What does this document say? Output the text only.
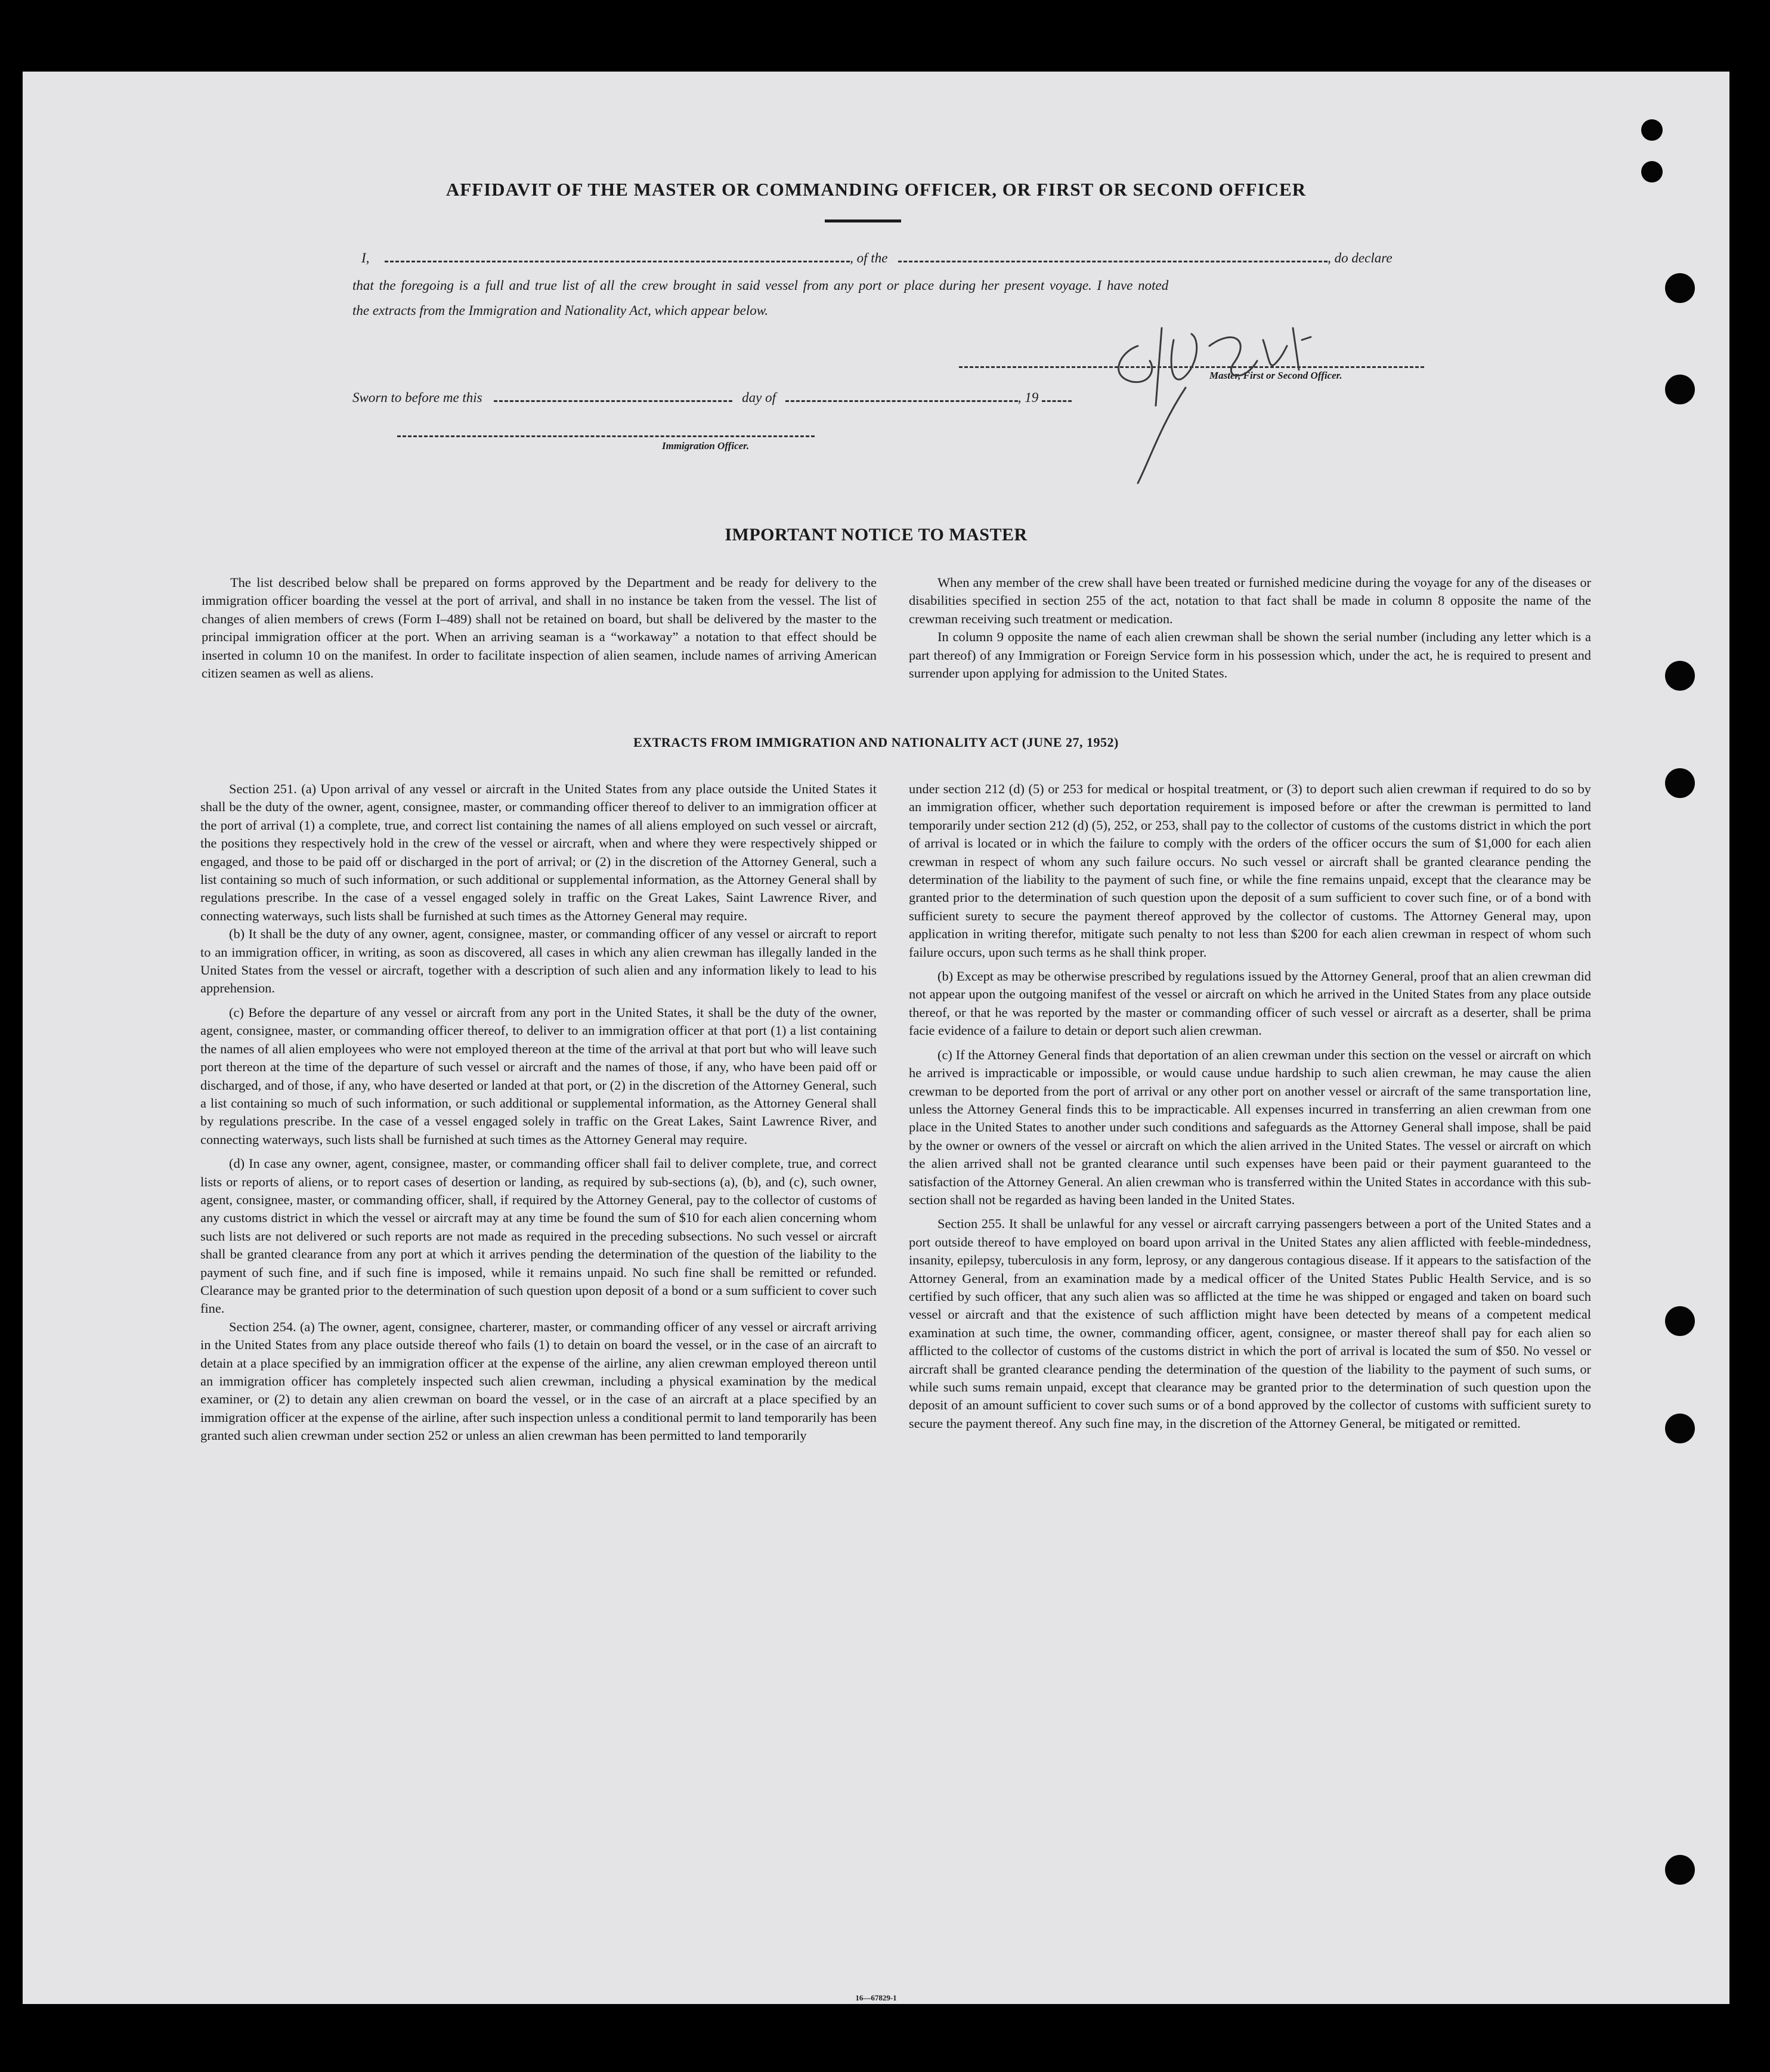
AFFIDAVIT OF THE MASTER OR COMMANDING OFFICER, OR FIRST OR SECOND OFFICER
I,	, of the	, do declare
that the foregoing is a full and true list of all the crew brought in said vessel from any port or place during her present voyage. I have noted
the extracts from the Immigration and Nationality Act, which appear below.
Master, First or Second Officer.
Sworn to before me this	day of	, 19
Immigration Officer.
IMPORTANT NOTICE TO MASTER

The list described below shall be prepared on forms approved by the Department and be ready for delivery to the immigration officer boarding the vessel at the port of arrival, and shall in no instance be taken from the vessel. The list of changes of alien members of crews (Form I–489) shall not be retained on board, but shall be delivered by the master to the principal immigration officer at the port. When an arriving seaman is a “workaway” a notation to that effect should be inserted in column 10 on the manifest. In order to facilitate inspection of alien seamen, include names of arriving American citizen seamen as well as aliens.

When any member of the crew shall have been treated or furnished medicine during the voyage for any of the diseases or disabilities specified in section 255 of the act, notation to that fact shall be made in column 8 opposite the name of the crewman receiving such treatment or medication.

In column 9 opposite the name of each alien crewman shall be shown the serial number (including any letter which is a part thereof) of any Immigration or Foreign Service form in his possession which, under the act, he is required to present and surrender upon applying for admission to the United States.

EXTRACTS FROM IMMIGRATION AND NATIONALITY ACT (JUNE 27, 1952)

Section 251. (a) Upon arrival of any vessel or aircraft in the United States from any place outside the United States it shall be the duty of the owner, agent, consignee, master, or commanding officer thereof to deliver to an immigration officer at the port of arrival (1) a complete, true, and correct list containing the names of all aliens employed on such vessel or aircraft, the positions they respectively hold in the crew of the vessel or aircraft, when and where they were respectively shipped or engaged, and those to be paid off or discharged in the port of arrival; or (2) in the discretion of the Attorney General, such a list containing so much of such information, or such additional or supplemental information, as the Attorney General shall by regulations prescribe. In the case of a vessel engaged solely in traffic on the Great Lakes, Saint Lawrence River, and connecting waterways, such lists shall be furnished at such times as the Attorney General may require.

(b) It shall be the duty of any owner, agent, consignee, master, or commanding officer of any vessel or aircraft to report to an immigration officer, in writing, as soon as discovered, all cases in which any alien crewman has illegally landed in the United States from the vessel or aircraft, together with a description of such alien and any information likely to lead to his apprehension.

(c) Before the departure of any vessel or aircraft from any port in the United States, it shall be the duty of the owner, agent, consignee, master, or commanding officer thereof, to deliver to an immigration officer at that port (1) a list containing the names of all alien employees who were not employed thereon at the time of the arrival at that port but who will leave such port thereon at the time of the departure of such vessel or aircraft and the names of those, if any, who have been paid off or discharged, and of those, if any, who have deserted or landed at that port, or (2) in the discretion of the Attorney General, such a list containing so much of such information, or such additional or supplemental information, as the Attorney General shall by regulations prescribe. In the case of a vessel engaged solely in traffic on the Great Lakes, Saint Lawrence River, and connecting waterways, such lists shall be furnished at such times as the Attorney General may require.

(d) In case any owner, agent, consignee, master, or commanding officer shall fail to deliver complete, true, and correct lists or reports of aliens, or to report cases of desertion or landing, as required by sub-sections (a), (b), and (c), such owner, agent, consignee, master, or commanding officer, shall, if required by the Attorney General, pay to the collector of customs of any customs district in which the vessel or aircraft may at any time be found the sum of $10 for each alien concerning whom such lists are not delivered or such reports are not made as required in the preceding subsections. No such vessel or aircraft shall be granted clearance from any port at which it arrives pending the determination of the question of the liability to the payment of such fine, and if such fine is imposed, while it remains unpaid. No such fine shall be remitted or refunded. Clearance may be granted prior to the determination of such question upon deposit of a bond or a sum sufficient to cover such fine.

Section 254. (a) The owner, agent, consignee, charterer, master, or commanding officer of any vessel or aircraft arriving in the United States from any place outside thereof who fails (1) to detain on board the vessel, or in the case of an aircraft to detain at a place specified by an immigration officer at the expense of the airline, any alien crewman employed thereon until an immigration officer has completely inspected such alien crewman, including a physical examination by the medical examiner, or (2) to detain any alien crewman on board the vessel, or in the case of an aircraft at a place specified by an immigration officer at the expense of the airline, after such inspection unless a conditional permit to land temporarily has been granted such alien crewman under section 252 or unless an alien crewman has been permitted to land temporarily

under section 212 (d) (5) or 253 for medical or hospital treatment, or (3) to deport such alien crewman if required to do so by an immigration officer, whether such deportation requirement is imposed before or after the crewman is permitted to land temporarily under section 212 (d) (5), 252, or 253, shall pay to the collector of customs of the customs district in which the port of arrival is located or in which the failure to comply with the orders of the officer occurs the sum of $1,000 for each alien crewman in respect of whom any such failure occurs. No such vessel or aircraft shall be granted clearance pending the determination of the liability to the payment of such fine, or while the fine remains unpaid, except that the clearance may be granted prior to the determination of such question upon the deposit of a sum sufficient to cover such fine, or of a bond with sufficient surety to secure the payment thereof approved by the collector of customs. The Attorney General may, upon application in writing therefor, mitigate such penalty to not less than $200 for each alien crewman in respect of whom such failure occurs, upon such terms as he shall think proper.

(b) Except as may be otherwise prescribed by regulations issued by the Attorney General, proof that an alien crewman did not appear upon the outgoing manifest of the vessel or aircraft on which he arrived in the United States from any place outside thereof, or that he was reported by the master or commanding officer of such vessel or aircraft as a deserter, shall be prima facie evidence of a failure to detain or deport such alien crewman.

(c) If the Attorney General finds that deportation of an alien crewman under this section on the vessel or aircraft on which he arrived is impracticable or impossible, or would cause undue hardship to such alien crewman, he may cause the alien crewman to be deported from the port of arrival or any other port on another vessel or aircraft of the same transportation line, unless the Attorney General finds this to be impracticable. All expenses incurred in transferring an alien crewman from one place in the United States to another under such conditions and safeguards as the Attorney General shall impose, shall be paid by the owner or owners of the vessel or aircraft on which the alien arrived in the United States. The vessel or aircraft on which the alien arrived shall not be granted clearance until such expenses have been paid or their payment guaranteed to the satisfaction of the Attorney General. An alien crewman who is transferred within the United States in accordance with this sub-section shall not be regarded as having been landed in the United States.

Section 255. It shall be unlawful for any vessel or aircraft carrying passengers between a port of the United States and a port outside thereof to have employed on board upon arrival in the United States any alien afflicted with feeble-mindedness, insanity, epilepsy, tuberculosis in any form, leprosy, or any dangerous contagious disease. If it appears to the satisfaction of the Attorney General, from an examination made by a medical officer of the United States Public Health Service, and is so certified by such officer, that any such alien was so afflicted at the time he was shipped or engaged and taken on board such vessel or aircraft and that the existence of such affliction might have been detected by means of a competent medical examination at such time, the owner, commanding officer, agent, consignee, or master thereof shall pay for each alien so afflicted to the collector of customs of the customs district in which the port of arrival is located the sum of $50. No vessel or aircraft shall be granted clearance pending the determination of the question of the liability to the payment of such sums, or while such sums remain unpaid, except that clearance may be granted prior to the determination of such question upon the deposit of an amount sufficient to cover such sums or of a bond approved by the collector of customs with sufficient surety to secure the payment thereof. Any such fine may, in the discretion of the Attorney General, be mitigated or remitted.

16—67829-1
